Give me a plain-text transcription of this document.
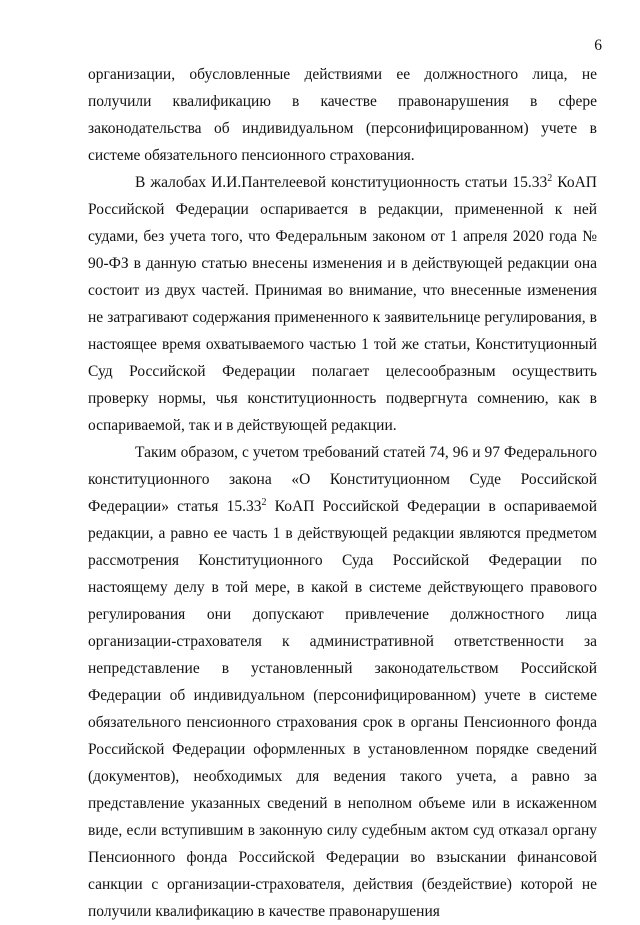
6

организации, обусловленные действиями ее должностного лица, не получили квалификацию в качестве правонарушения в сфере законодательства об индивидуальном (персонифицированном) учете в системе обязательного пенсионного страхования.

В жалобах И.И.Пантелеевой конституционность статьи 15.33$^2$ КоАП Российской Федерации оспаривается в редакции, примененной к ней судами, без учета того, что Федеральным законом от 1 апреля 2020 года № 90-ФЗ в данную статью внесены изменения и в действующей редакции она состоит из двух частей. Принимая во внимание, что внесенные изменения не затрагивают содержания примененного к заявительнице регулирования, в настоящее время охватываемого частью 1 той же статьи, Конституционный Суд Российской Федерации полагает целесообразным осуществить проверку нормы, чья конституционность подвергнута сомнению, как в оспариваемой, так и в действующей редакции.

Таким образом, с учетом требований статей 74, 96 и 97 Федерального конституционного закона «О Конституционном Суде Российской Федерации» статья 15.33$^2$ КоАП Российской Федерации в оспариваемой редакции, а равно ее часть 1 в действующей редакции являются предметом рассмотрения Конституционного Суда Российской Федерации по настоящему делу в той мере, в какой в системе действующего правового регулирования они допускают привлечение должностного лица организации-страхователя к административной ответственности за непредставление в установленный законодательством Российской Федерации об индивидуальном (персонифицированном) учете в системе обязательного пенсионного страхования срок в органы Пенсионного фонда Российской Федерации оформленных в установленном порядке сведений (документов), необходимых для ведения такого учета, а равно за представление указанных сведений в неполном объеме или в искаженном виде, если вступившим в законную силу судебным актом суд отказал органу Пенсионного фонда Российской Федерации во взыскании финансовой санкции с организации-страхователя, действия (бездействие) которой не получили квалификацию в качестве правонарушения
